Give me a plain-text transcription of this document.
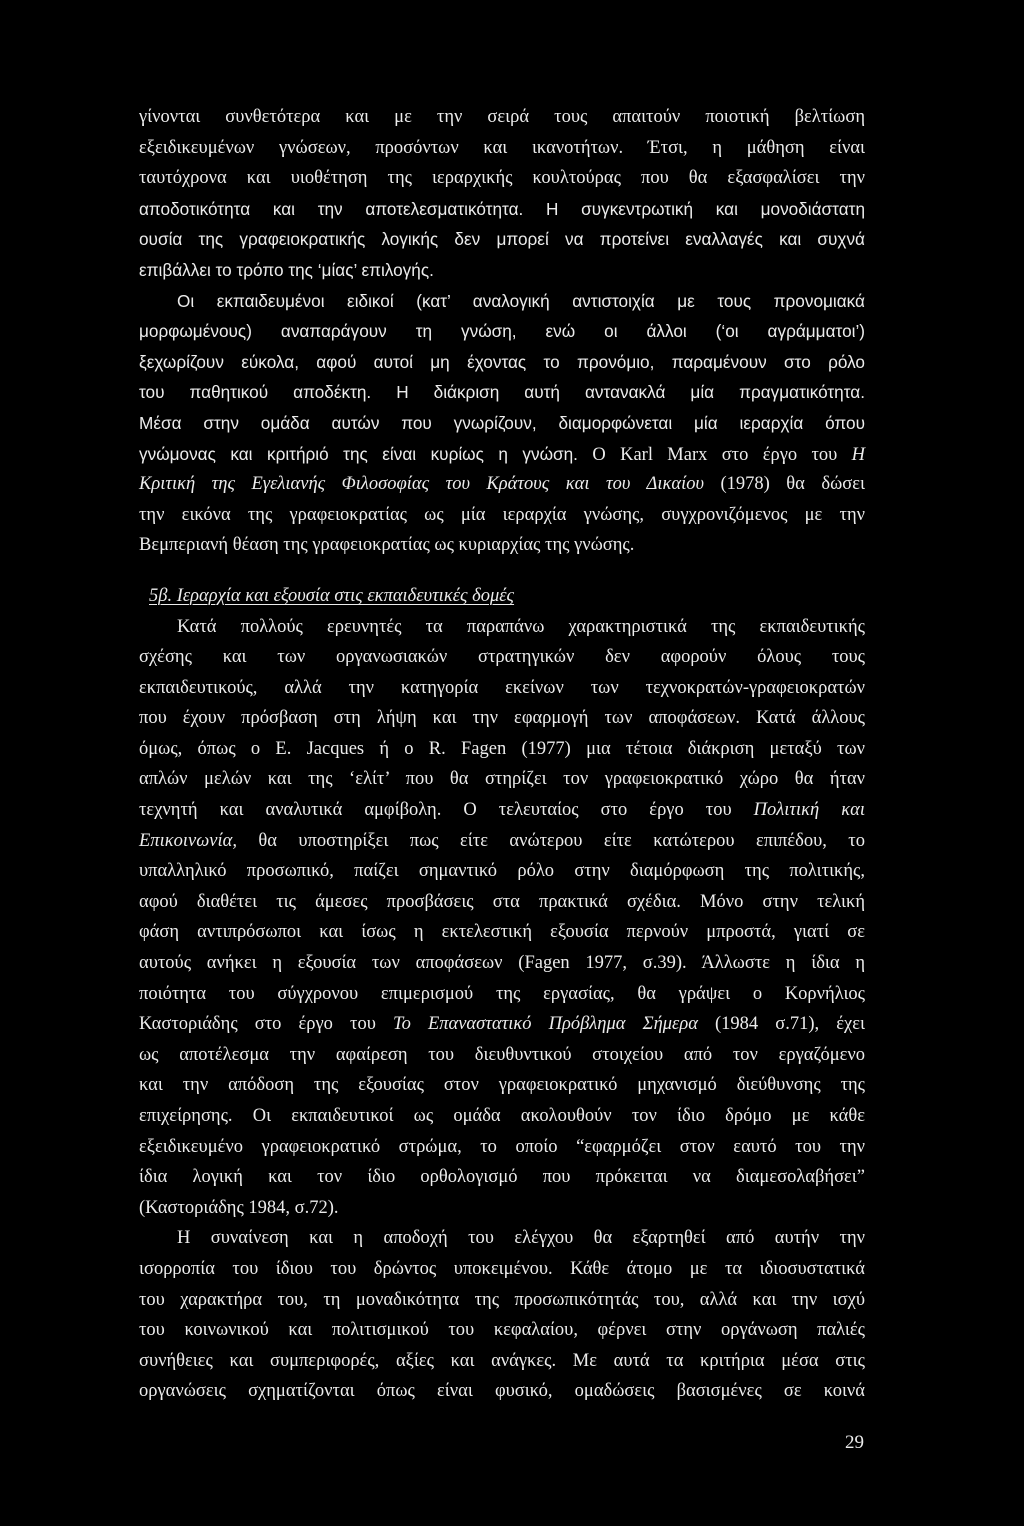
γίνονται συνθετότερα και με την σειρά τους απαιτούν ποιοτική βελτίωση
εξειδικευμένων γνώσεων, προσόντων και ικανοτήτων. Έτσι, η μάθηση είναι
ταυτόχρονα και υιοθέτηση της ιεραρχικής κουλτούρας που θα εξασφαλίσει την
αποδοτικότητα και την αποτελεσματικότητα. Η συγκεντρωτική και μονοδιάστατη
ουσία της γραφειοκρατικής λογικής δεν μπορεί να προτείνει εναλλαγές και συχνά
επιβάλλει το τρόπο της ‘μίας’ επιλογής.
Οι εκπαιδευμένοι ειδικοί (κατ’ αναλογική αντιστοιχία με τους προνομιακά
μορφωμένους) αναπαράγουν τη γνώση, ενώ οι άλλοι (‘οι αγράμματοι’)
ξεχωρίζουν εύκολα, αφού αυτοί μη έχοντας το προνόμιο, παραμένουν στο ρόλο
του παθητικού αποδέκτη. Η διάκριση αυτή αντανακλά μία πραγματικότητα.
Μέσα στην ομάδα αυτών που γνωρίζουν, διαμορφώνεται μία ιεραρχία όπου
γνώμονας και κριτήριό της είναι κυρίως η γνώση. Ο Karl Marx στο έργο του Η
Κριτική της Εγελιανής Φιλοσοφίας του Κράτους και του Δικαίου (1978) θα δώσει
την εικόνα της γραφειοκρατίας ως μία ιεραρχία γνώσης, συγχρονιζόμενος με την
Βεμπεριανή θέαση της γραφειοκρατίας ως κυριαρχίας της γνώσης.
5β. Ιεραρχία και εξουσία στις εκπαιδευτικές δομές
Κατά πολλούς ερευνητές τα παραπάνω χαρακτηριστικά της εκπαιδευτικής
σχέσης και των οργανωσιακών στρατηγικών δεν αφορούν όλους τους
εκπαιδευτικούς, αλλά την κατηγορία εκείνων των τεχνοκρατών-γραφειοκρατών
που έχουν πρόσβαση στη λήψη και την εφαρμογή των αποφάσεων. Κατά άλλους
όμως, όπως ο E. Jacques ή ο R. Fagen (1977) μια τέτοια διάκριση μεταξύ των
απλών μελών και της ‘ελίτ’ που θα στηρίζει τον γραφειοκρατικό χώρο θα ήταν
τεχνητή και αναλυτικά αμφίβολη. Ο τελευταίος στο έργο του Πολιτική και
Επικοινωνία, θα υποστηρίξει πως είτε ανώτερου είτε κατώτερου επιπέδου, το
υπαλληλικό προσωπικό, παίζει σημαντικό ρόλο στην διαμόρφωση της πολιτικής,
αφού διαθέτει τις άμεσες προσβάσεις στα πρακτικά σχέδια. Μόνο στην τελική
φάση αντιπρόσωποι και ίσως η εκτελεστική εξουσία περνούν μπροστά, γιατί σε
αυτούς ανήκει η εξουσία των αποφάσεων (Fagen 1977, σ.39). Άλλωστε η ίδια η
ποιότητα του σύγχρονου επιμερισμού της εργασίας, θα γράψει ο Κορνήλιος
Καστοριάδης στο έργο του Το Επαναστατικό Πρόβλημα Σήμερα (1984 σ.71), έχει
ως αποτέλεσμα την αφαίρεση του διευθυντικού στοιχείου από τον εργαζόμενο
και την απόδοση της εξουσίας στον γραφειοκρατικό μηχανισμό διεύθυνσης της
επιχείρησης. Οι εκπαιδευτικοί ως ομάδα ακολουθούν τον ίδιο δρόμο με κάθε
εξειδικευμένο γραφειοκρατικό στρώμα, το οποίο “εφαρμόζει στον εαυτό του την
ίδια λογική και τον ίδιο ορθολογισμό που πρόκειται να διαμεσολαβήσει”
(Καστοριάδης 1984, σ.72).
Η συναίνεση και η αποδοχή του ελέγχου θα εξαρτηθεί από αυτήν την
ισορροπία του ίδιου του δρώντος υποκειμένου. Κάθε άτομο με τα ιδιοσυστατικά
του χαρακτήρα του, τη μοναδικότητα της προσωπικότητάς του, αλλά και την ισχύ
του κοινωνικού και πολιτισμικού του κεφαλαίου, φέρνει στην οργάνωση παλιές
συνήθειες και συμπεριφορές, αξίες και ανάγκες. Με αυτά τα κριτήρια μέσα στις
οργανώσεις σχηματίζονται όπως είναι φυσικό, ομαδώσεις βασισμένες σε κοινά
29
